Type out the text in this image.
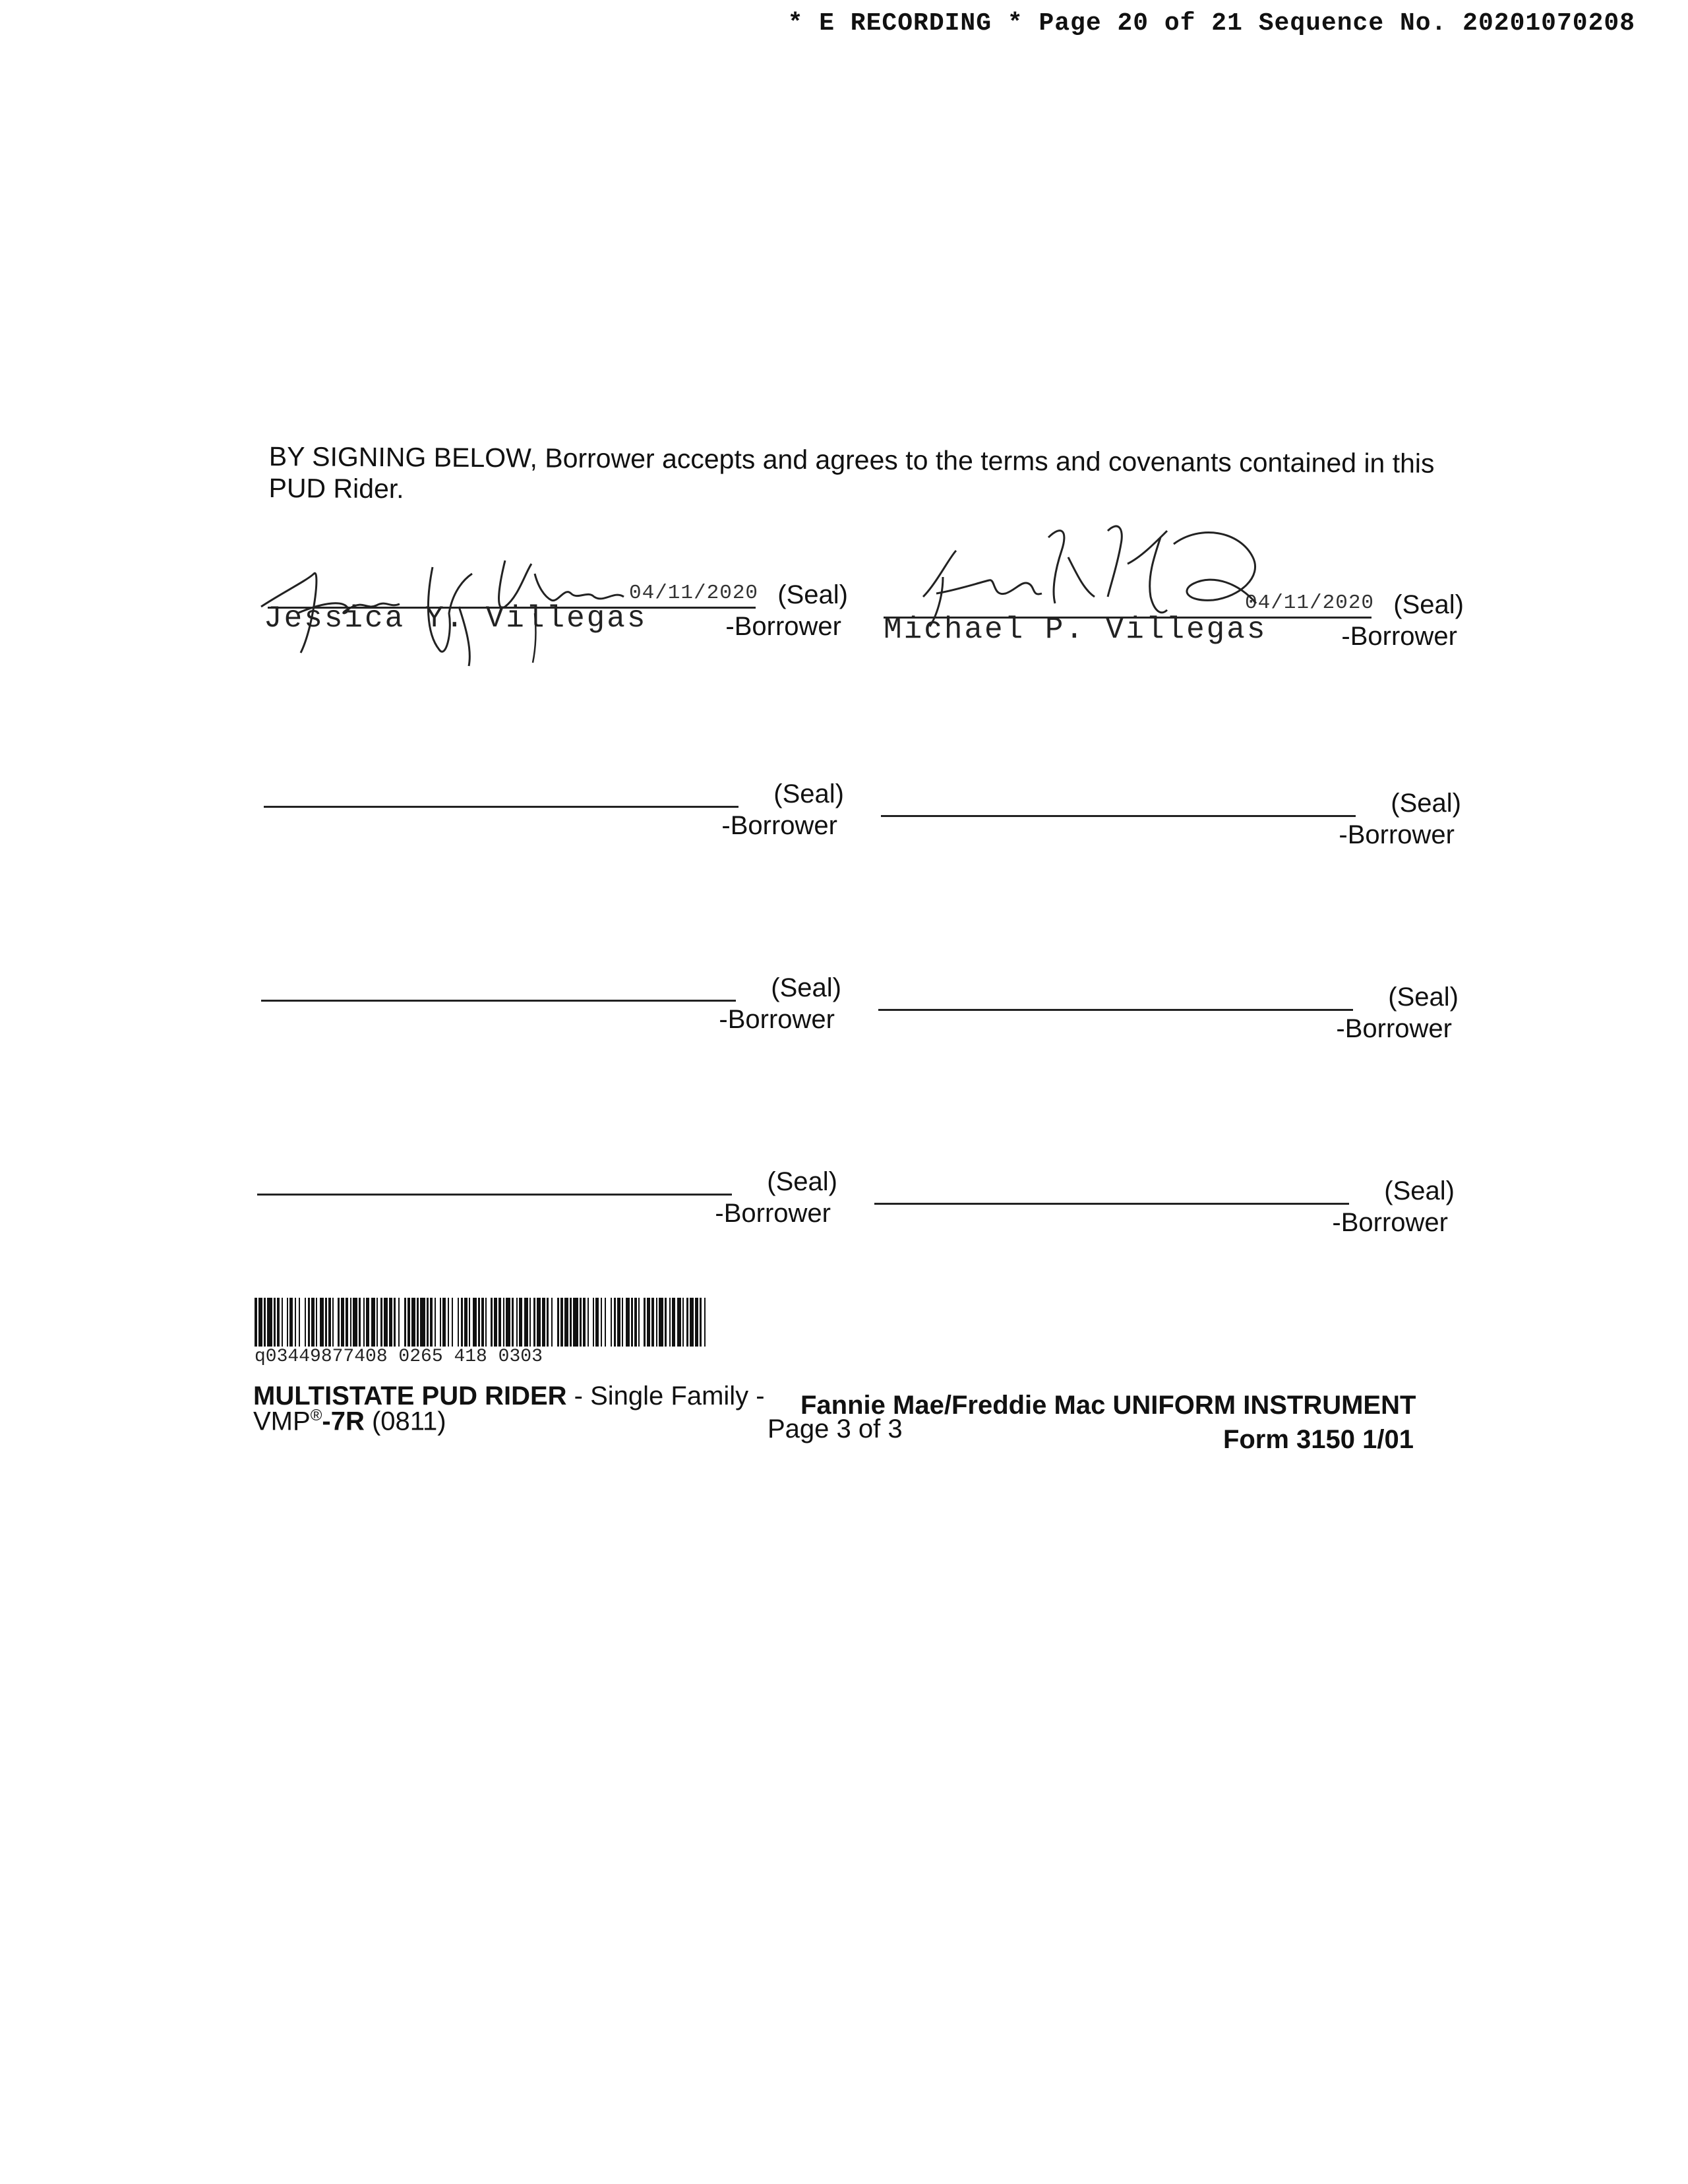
* E RECORDING * Page 20 of 21 Sequence No. 20201070208
BY SIGNING BELOW, Borrower accepts and agrees to the terms and covenants contained in this PUD Rider.
04/11/2020 (Seal)
-Borrower
Jessica Y. Villegas	04/11/2020 (Seal)
-Borrower
Michael P. Villegas
(Seal)
-Borrower
(Seal)
-Borrower
(Seal)
-Borrower
(Seal)
-Borrower
(Seal)
-Borrower
(Seal)
-Borrower
q03449877408 0265 418 0303
MULTISTATE PUD RIDER - Single Family - Fannie Mae/Freddie Mac UNIFORM INSTRUMENT
VMP®-7R (0811)	Page 3 of 3	Form 3150 1/01
